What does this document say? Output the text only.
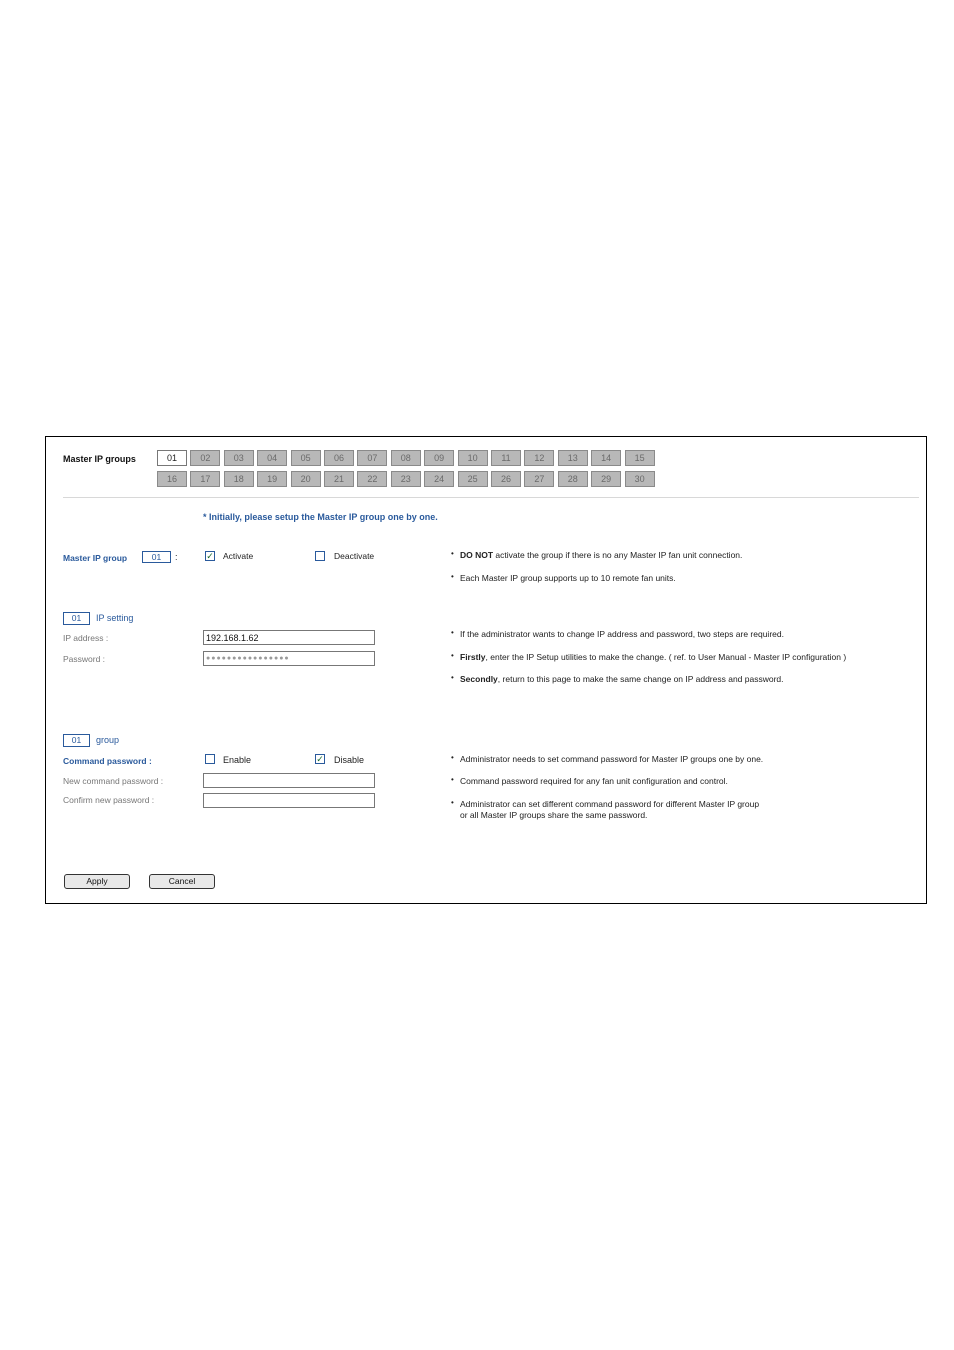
Master IP groups	01	02	03	04	05	06	07	08	09	10	11	12	13	14	15
16	17	18	19	20	21	22	23	24	25	26	27	28	29	30
* Initially, please setup the Master IP group one by one.
Master IP group	01	:	✓ Activate	Deactivate	• DO NOT activate the group if there is no any Master IP fan unit connection.
• Each Master IP group supports up to 10 remote fan units.
01	IP setting
IP address :	192.168.1.62
Password :	●●●●●●●●●●●●●●●●
• If the administrator wants to change IP address and password, two steps are required.
• Firstly, enter the IP Setup utilities to make the change. ( ref. to User Manual - Master IP configuration )
• Secondly, return to this page to make the same change on IP address and password.
01	group
Command password :	Enable	✓ Disable
New command password :
Confirm new password :
• Administrator needs to set command password for Master IP groups one by one.
• Command password required for any fan unit configuration and control.
• Administrator can set different command password for different Master IP group
or all Master IP groups share the same password.
Apply	Cancel
